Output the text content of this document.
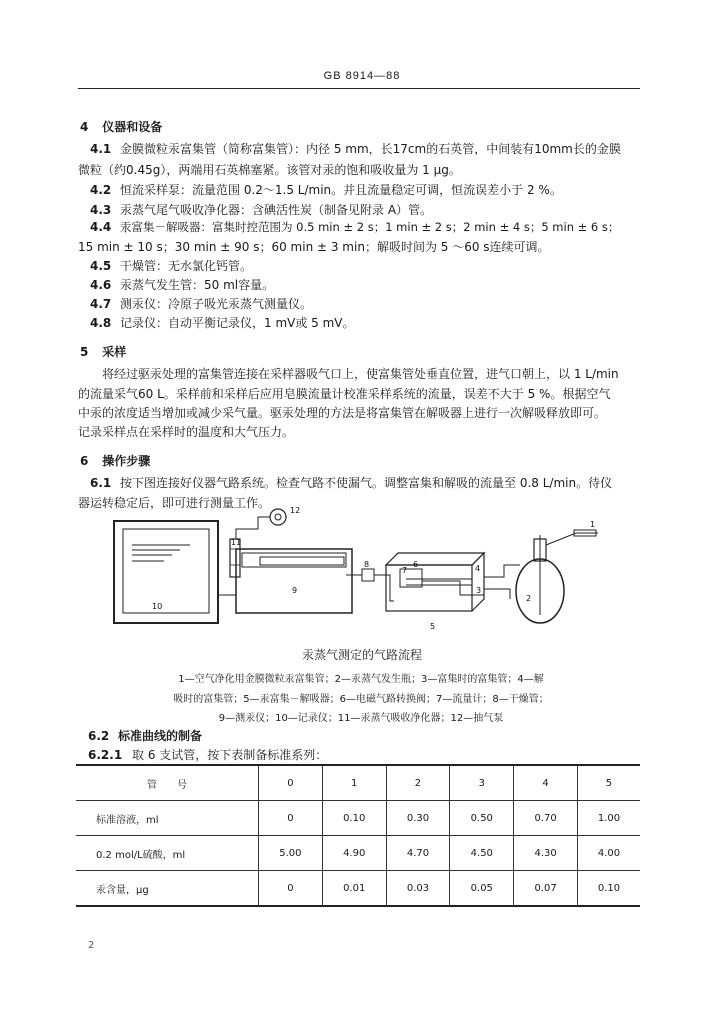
GB 8914—88
4 仪器和设备
4.1 金膜微粒汞富集管（简称富集管）：内径 5 mm，长17cm的石英管，中间装有10mm长的金膜
微粒（约0.45g），两端用石英棉塞紧。该管对汞的饱和吸收量为 1 μg。
4.2 恒流采样泵：流量范围 0.2～1.5 L/min。并且流量稳定可调，恒流误差小于 2 %。
4.3 汞蒸气尾气吸收净化器：含碘活性炭（制备见附录 A）管。
4.4 汞富集－解吸器：富集时控范围为 0.5 min ± 2 s；1 min ± 2 s；2 min ± 4 s；5 min ± 6 s；
15 min ± 10 s；30 min ± 90 s；60 min ± 3 min；解吸时间为 5 ～60 s连续可调。
4.5 干燥管：无水氯化钙管。
4.6 汞蒸气发生管：50 ml容量。
4.7 测汞仪：冷原子吸光汞蒸气测量仪。
4.8 记录仪：自动平衡记录仪，1 mV或 5 mV。
5 采样
将经过驱汞处理的富集管连接在采样器吸气口上，使富集管处垂直位置，进气口朝上，以 1 L/min
的流量采气60 L。采样前和采样后应用皂膜流量计校准采样系统的流量，误差不大于 5 %。根据空气
中汞的浓度适当增加或减少采气量。驱汞处理的方法是将富集管在解吸器上进行一次解吸释放即可。
记录采样点在采样时的温度和大气压力。
6 操作步骤
6.1 按下图连接好仪器气路系统。检查气路不使漏气。调整富集和解吸的流量至 0.8 L/min。待仪
器运转稳定后，即可进行测量工作。
1
2
3
4
5
6
7
8
9
10
11
12
汞蒸气测定的气路流程
1—空气净化用金膜微粒汞富集管；2—汞蒸气发生瓶；3—富集时的富集管；4—解
吸时的富集管；5—汞富集－解吸器；6—电磁气路转换阀；7—流量计；8—干燥管；
9—测汞仪；10—记录仪；11—汞蒸气吸收净化器；12—抽气泵
6.2 标准曲线的制备
6.2.1 取 6 支试管，按下表制备标准系列：
管　　号	0	1	2	3	4	5
标准溶液，ml	0	0.10	0.30	0.50	0.70	1.00
0.2 mol/L硫酸，ml	5.00	4.90	4.70	4.50	4.30	4.00
汞含量，μg	0	0.01	0.03	0.05	0.07	0.10
2
